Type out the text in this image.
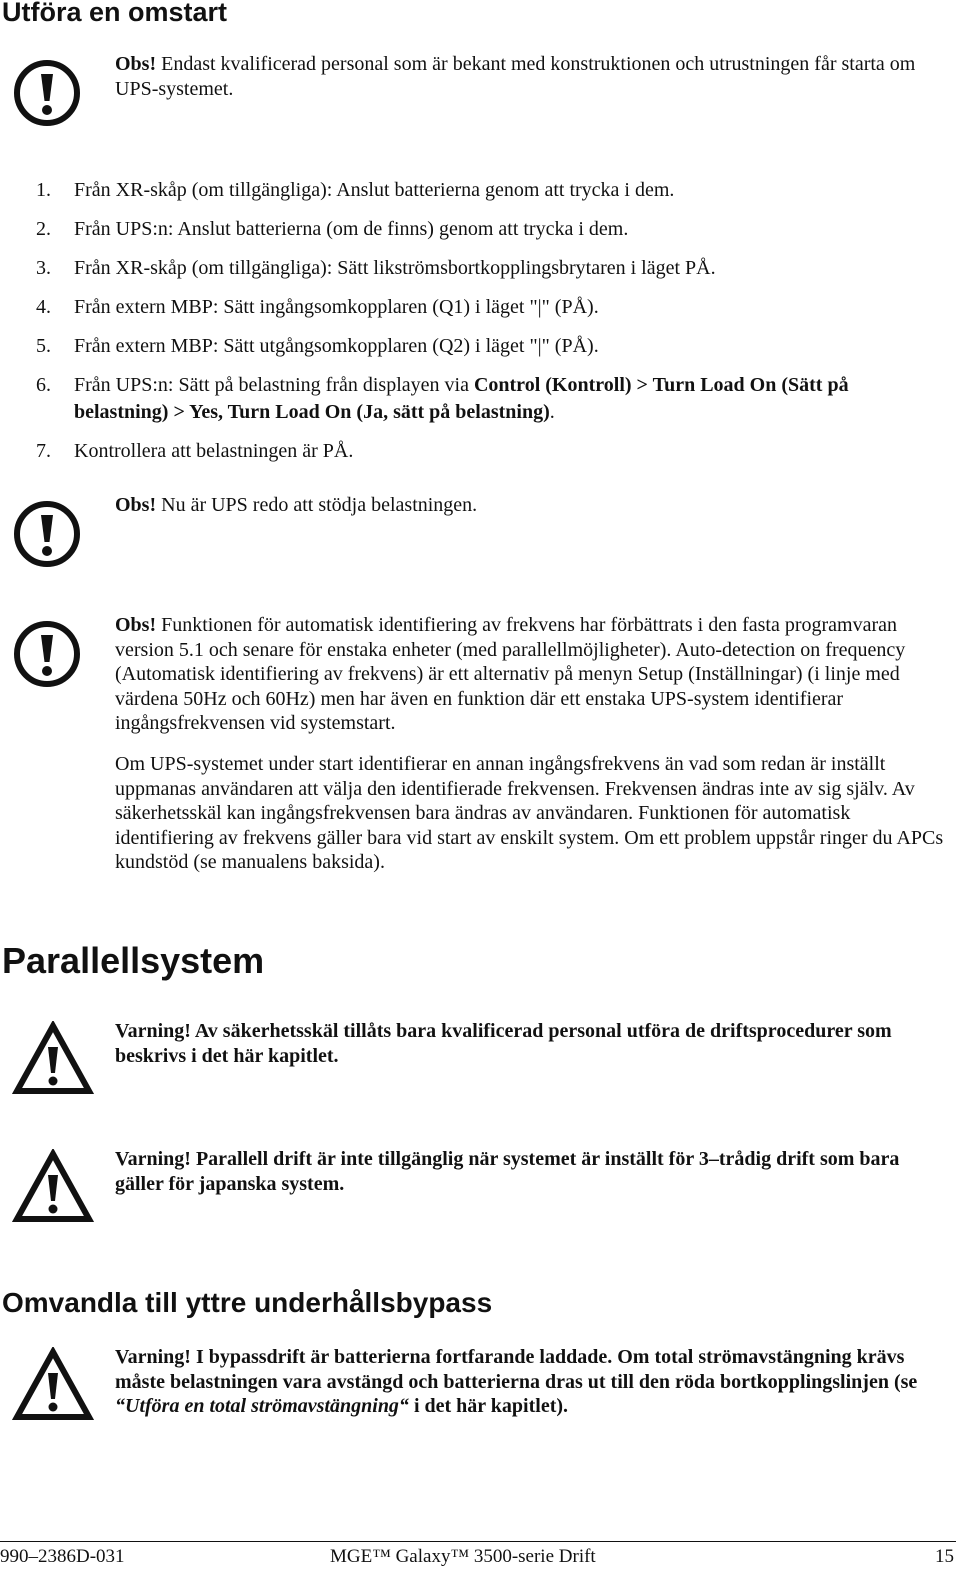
Utföra en omstart

Obs! Endast kvalificerad personal som är bekant med konstruktionen och utrustningen får starta om UPS-systemet.

1. Från XR-skåp (om tillgängliga): Anslut batterierna genom att trycka i dem.
2. Från UPS:n: Anslut batterierna (om de finns) genom att trycka i dem.
3. Från XR-skåp (om tillgängliga): Sätt likströmsbortkopplingsbrytaren i läget PÅ.
4. Från extern MBP: Sätt ingångsomkopplaren (Q1) i läget "|" (PÅ).
5. Från extern MBP: Sätt utgångsomkopplaren (Q2) i läget "|" (PÅ).
6. Från UPS:n: Sätt på belastning från displayen via Control (Kontroll) > Turn Load On (Sätt på belastning) > Yes, Turn Load On (Ja, sätt på belastning).
7. Kontrollera att belastningen är PÅ.

Obs! Nu är UPS redo att stödja belastningen.

Obs! Funktionen för automatisk identifiering av frekvens har förbättrats i den fasta programvaran version 5.1 och senare för enstaka enheter (med parallellmöjligheter). Auto-detection on frequency (Automatisk identifiering av frekvens) är ett alternativ på menyn Setup (Inställningar) (i linje med värdena 50Hz och 60Hz) men har även en funktion där ett enstaka UPS-system identifierar ingångsfrekvensen vid systemstart.

Om UPS-systemet under start identifierar en annan ingångsfrekvens än vad som redan är inställt uppmanas användaren att välja den identifierade frekvensen. Frekvensen ändras inte av sig själv. Av säkerhetsskäl kan ingångsfrekvensen bara ändras av användaren. Funktionen för automatisk identifiering av frekvens gäller bara vid start av enskilt system. Om ett problem uppstår ringer du APCs kundstöd (se manualens baksida).

Parallellsystem

Varning! Av säkerhetsskäl tillåts bara kvalificerad personal utföra de driftsprocedurer som beskrivs i det här kapitlet.

Varning! Parallell drift är inte tillgänglig när systemet är inställt för 3–trådig drift som bara gäller för japanska system.

Omvandla till yttre underhållsbypass

Varning! I bypassdrift är batterierna fortfarande laddade. Om total strömavstängning krävs måste belastningen vara avstängd och batterierna dras ut till den röda bortkopplingslinjen (se “Utföra en total strömavstängning“ i det här kapitlet).

990–2386D-031	MGE™ Galaxy™ 3500-serie Drift	15
